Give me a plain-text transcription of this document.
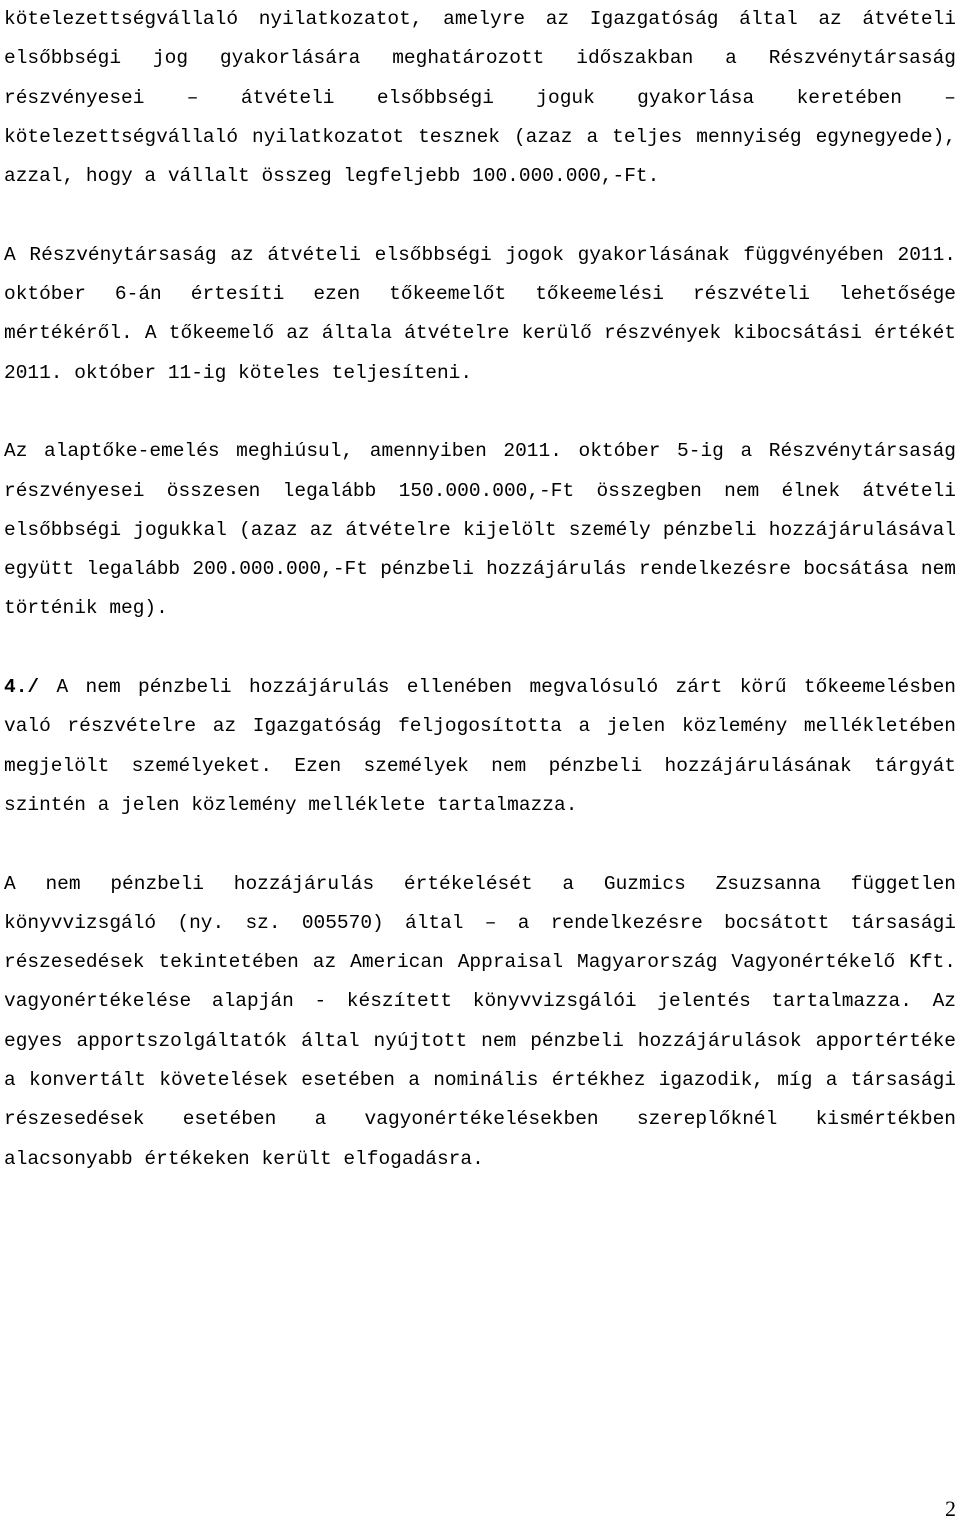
kötelezettségvállaló nyilatkozatot, amelyre az Igazgatóság által az átvételi elsőbbségi jog gyakorlására meghatározott időszakban a Részvénytársaság részvényesei – átvételi elsőbbségi joguk gyakorlása keretében – kötelezettségvállaló nyilatkozatot tesznek (azaz a teljes mennyiség egynegyede), azzal, hogy a vállalt összeg legfeljebb 100.000.000,-Ft.

A Részvénytársaság az átvételi elsőbbségi jogok gyakorlásának függvényében 2011. október 6-án értesíti ezen tőkeemelőt tőkeemelési részvételi lehetősége mértékéről. A tőkeemelő az általa átvételre kerülő részvények kibocsátási értékét 2011. október 11-ig köteles teljesíteni.

Az alaptőke-emelés meghiúsul, amennyiben 2011. október 5-ig a Részvénytársaság részvényesei összesen legalább 150.000.000,-Ft összegben nem élnek átvételi elsőbbségi jogukkal (azaz az átvételre kijelölt személy pénzbeli hozzájárulásával együtt legalább 200.000.000,-Ft pénzbeli hozzájárulás rendelkezésre bocsátása nem történik meg).

4./ A nem pénzbeli hozzájárulás ellenében megvalósuló zárt körű tőkeemelésben való részvételre az Igazgatóság feljogosította a jelen közlemény mellékletében megjelölt személyeket. Ezen személyek nem pénzbeli hozzájárulásának tárgyát szintén a jelen közlemény melléklete tartalmazza.

A nem pénzbeli hozzájárulás értékelését a Guzmics Zsuzsanna független könyvvizsgáló (ny. sz. 005570) által – a rendelkezésre bocsátott társasági részesedések tekintetében az American Appraisal Magyarország Vagyonértékelő Kft. vagyonértékelése alapján - készített könyvvizsgálói jelentés tartalmazza. Az egyes apportszolgáltatók által nyújtott nem pénzbeli hozzájárulások apportértéke a konvertált követelések esetében a nominális értékhez igazodik, míg a társasági részesedések esetében a vagyonértékelésekben szereplőknél kismértékben alacsonyabb értékeken került elfogadásra.

2
